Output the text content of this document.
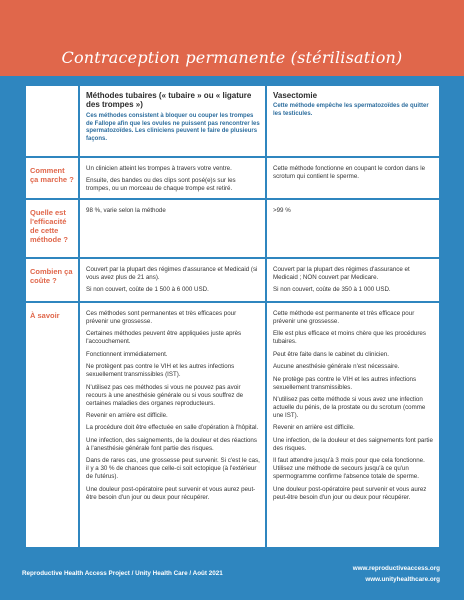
Contraception permanente (stérilisation)
Méthodes tubaires (« tubaire » ou « ligature des trompes »)
Ces méthodes consistent à bloquer ou couper les trompes de Fallope afin que les ovules ne puissent pas rencontrer les spermatozoïdes. Les cliniciens peuvent le faire de plusieurs façons.
Vasectomie
Cette méthode empêche les spermatozoïdes de quitter les testicules.
Comment ça marche ?

Un clinicien atteint les trompes à travers votre ventre.

Ensuite, des bandes ou des clips sont posé(e)s sur les trompes, ou un morceau de chaque trompe est retiré.

Cette méthode fonctionne en coupant le cordon dans le scrotum qui contient le sperme.

Quelle est l'efficacité de cette méthode ?

98 %, varie selon la méthode	>99 %

Combien ça coûte ?

Couvert par la plupart des régimes d'assurance et Medicaid (si vous avez plus de 21 ans).

Si non couvert, coûte de 1 500 à 6 000 USD.

Couvert par la plupart des régimes d'assurance et Medicaid ; NON couvert par Medicare.

Si non couvert, coûte de 350 à 1 000 USD.

À savoir	Ces méthodes sont permanentes et très efficaces pour prévenir une grossesse.

Certaines méthodes peuvent être appliquées juste après l'accouchement.

Fonctionnent immédiatement.

Ne protègent pas contre le VIH et les autres infections sexuellement transmissibles (IST).

N'utilisez pas ces méthodes si vous ne pouvez pas avoir recours à une anesthésie générale ou si vous souffrez de certaines maladies des organes reproducteurs.

Revenir en arrière est difficile.

La procédure doit être effectuée en salle d'opération à l'hôpital.

Une infection, des saignements, de la douleur et des réactions à l'anesthésie générale font partie des risques.

Dans de rares cas, une grossesse peut survenir. Si c'est le cas, il y a 30 % de chances que celle-ci soit ectopique (à l'extérieur de l'utérus).

Une douleur post-opératoire peut survenir et vous aurez peut-être besoin d'un jour ou deux pour récupérer.

Cette méthode est permanente et très efficace pour prévenir une grossesse.

Elle est plus efficace et moins chère que les procédures tubaires.

Peut être faite dans le cabinet du clinicien.

Aucune anesthésie générale n'est nécessaire.

Ne protège pas contre le VIH et les autres infections sexuellement transmissibles.

N'utilisez pas cette méthode si vous avez une infection actuelle du pénis, de la prostate ou du scrotum (comme une IST).

Revenir en arrière est difficile.

Une infection, de la douleur et des saignements font partie des risques.

Il faut attendre jusqu'à 3 mois pour que cela fonctionne. Utilisez une méthode de secours jusqu'à ce qu'un spermogramme confirme l'absence totale de sperme.

Une douleur post-opératoire peut survenir et vous aurez peut-être besoin d'un jour ou deux pour récupérer.

Reproductive Health Access Project / Unity Health Care / Août 2021
www.reproductiveaccess.org
www.unityhealthcare.org
